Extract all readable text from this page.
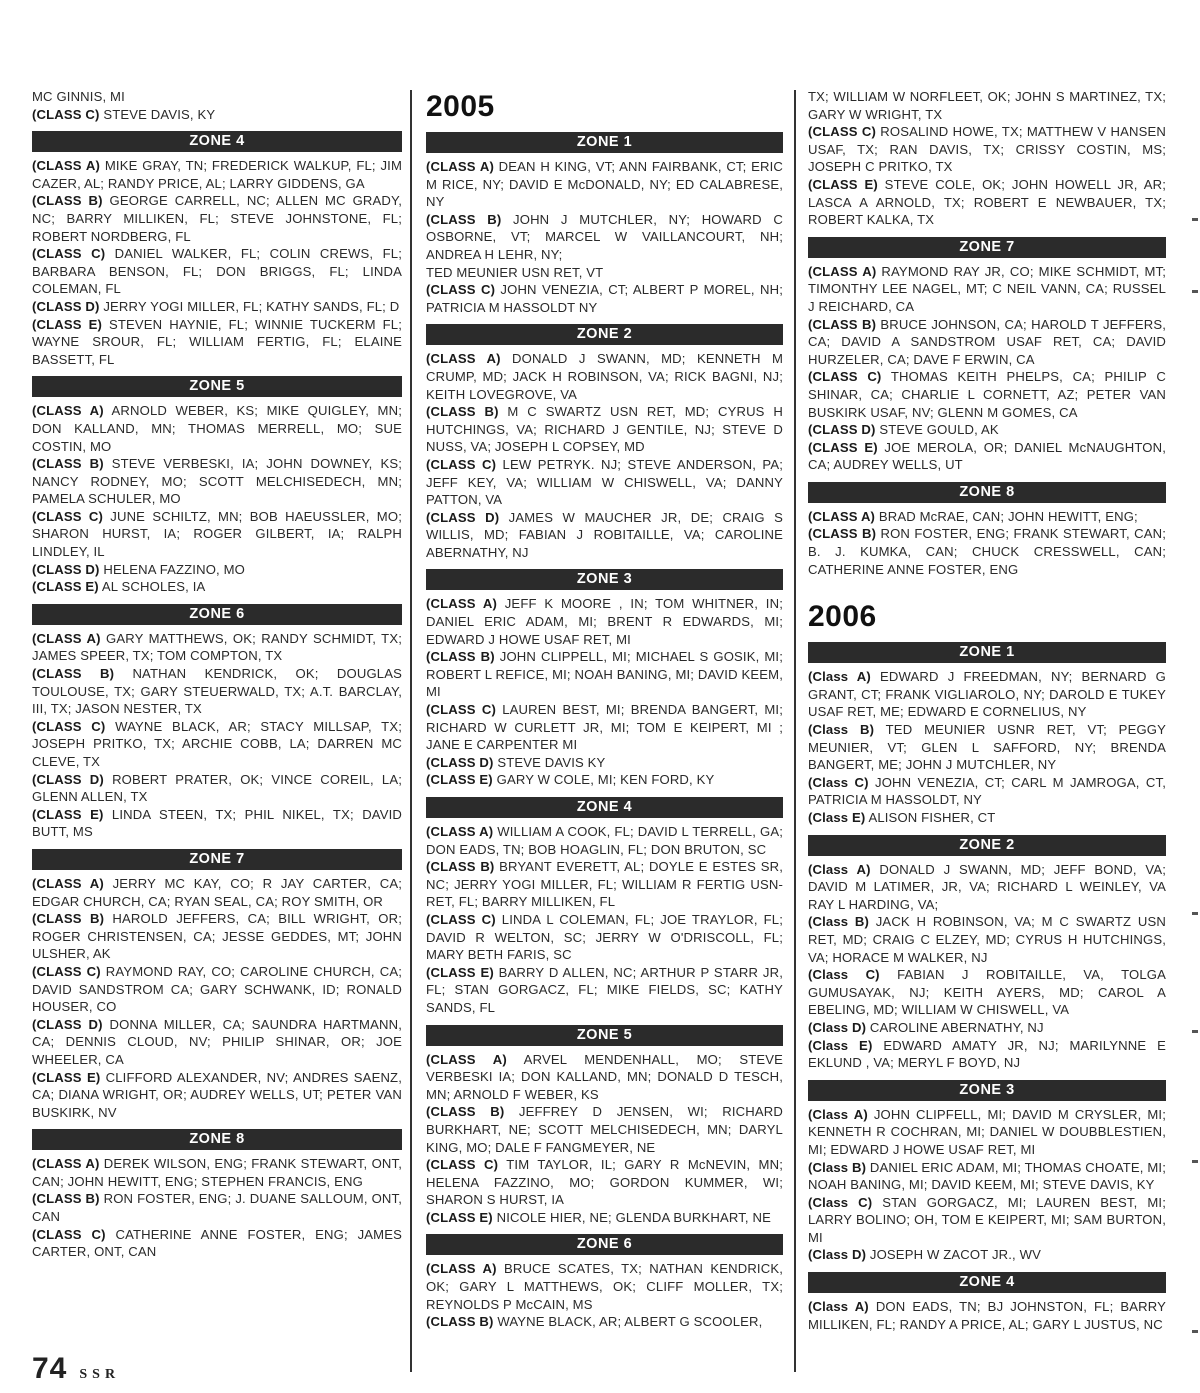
MC GINNIS, MI

(CLASS C) STEVE DAVIS, KY

ZONE 4

(CLASS A) MIKE GRAY, TN; FREDERICK WALKUP, FL; JIM CAZER, AL; RANDY PRICE, AL; LARRY GIDDENS, GA

(CLASS B) GEORGE CARRELL, NC; ALLEN MC GRADY, NC; BARRY MILLIKEN, FL; STEVE JOHNSTONE, FL; ROBERT NORDBERG, FL

(CLASS C) DANIEL WALKER, FL; COLIN CREWS, FL; BARBARA BENSON, FL; DON BRIGGS, FL; LINDA COLEMAN, FL

(CLASS D) JERRY YOGI MILLER, FL; KATHY SANDS, FL; D

(CLASS E) STEVEN HAYNIE, FL; WINNIE TUCKERM FL; WAYNE SROUR, FL; WILLIAM FERTIG, FL; ELAINE BASSETT, FL

ZONE 5

(CLASS A) ARNOLD WEBER, KS; MIKE QUIGLEY, MN; DON KALLAND, MN; THOMAS MERRELL, MO; SUE COSTIN, MO

(CLASS B) STEVE VERBESKI, IA; JOHN DOWNEY, KS; NANCY RODNEY, MO; SCOTT MELCHISEDECH, MN; PAMELA SCHULER, MO

(CLASS C) JUNE SCHILTZ, MN; BOB HAEUSSLER, MO; SHARON HURST, IA; ROGER GILBERT, IA; RALPH LINDLEY, IL

(CLASS D) HELENA FAZZINO, MO

(CLASS E) AL SCHOLES, IA

ZONE 6

(CLASS A) GARY MATTHEWS, OK; RANDY SCHMIDT, TX; JAMES SPEER, TX; TOM COMPTON, TX

(CLASS B) NATHAN KENDRICK, OK; DOUGLAS TOULOUSE, TX; GARY STEUERWALD, TX; A.T. BARCLAY, III, TX; JASON NESTER, TX

(CLASS C) WAYNE BLACK, AR; STACY MILLSAP, TX; JOSEPH PRITKO, TX; ARCHIE COBB, LA; DARREN MC CLEVE, TX

(CLASS D) ROBERT PRATER, OK; VINCE COREIL, LA; GLENN ALLEN, TX

(CLASS E) LINDA STEEN, TX; PHIL NIKEL, TX; DAVID BUTT, MS

ZONE 7

(CLASS A) JERRY MC KAY, CO; R JAY CARTER, CA; EDGAR CHURCH, CA; RYAN SEAL, CA; ROY SMITH, OR

(CLASS B) HAROLD JEFFERS, CA; BILL WRIGHT, OR; ROGER CHRISTENSEN, CA; JESSE GEDDES, MT; JOHN ULSHER, AK

(CLASS C) RAYMOND RAY, CO; CAROLINE CHURCH, CA; DAVID SANDSTROM CA; GARY SCHWANK, ID; RONALD HOUSER, CO

(CLASS D) DONNA MILLER, CA; SAUNDRA HARTMANN, CA; DENNIS CLOUD, NV; PHILIP SHINAR, OR; JOE WHEELER, CA

(CLASS E) CLIFFORD ALEXANDER, NV; ANDRES SAENZ, CA; DIANA WRIGHT, OR; AUDREY WELLS, UT; PETER VAN BUSKIRK, NV

ZONE 8

(CLASS A) DEREK WILSON, ENG; FRANK STEWART, ONT, CAN; JOHN HEWITT, ENG; STEPHEN FRANCIS, ENG

(CLASS B) RON FOSTER, ENG; J. DUANE SALLOUM, ONT, CAN

(CLASS C) CATHERINE ANNE FOSTER, ENG; JAMES CARTER, ONT, CAN

2005
ZONE 1

(CLASS A) DEAN H KING, VT; ANN FAIRBANK, CT; ERIC M RICE, NY; DAVID E McDONALD, NY; ED CALABRESE, NY

(CLASS B) JOHN J MUTCHLER, NY; HOWARD C OSBORNE, VT; MARCEL W VAILLANCOURT, NH; ANDREA H LEHR, NY;

TED MEUNIER USN RET, VT

(CLASS C) JOHN VENEZIA, CT; ALBERT P MOREL, NH; PATRICIA M HASSOLDT NY

ZONE 2

(CLASS A) DONALD J SWANN, MD; KENNETH M CRUMP, MD; JACK H ROBINSON, VA; RICK BAGNI, NJ; KEITH LOVEGROVE, VA

(CLASS B) M C SWARTZ USN RET, MD; CYRUS H HUTCHINGS, VA; RICHARD J GENTILE, NJ; STEVE D NUSS, VA; JOSEPH L COPSEY, MD

(CLASS C) LEW PETRYK. NJ; STEVE ANDERSON, PA; JEFF KEY, VA; WILLIAM W CHISWELL, VA; DANNY PATTON, VA

(CLASS D) JAMES W MAUCHER JR, DE; CRAIG S WILLIS, MD; FABIAN J ROBITAILLE, VA; CAROLINE ABERNATHY, NJ

ZONE 3

(CLASS A) JEFF K MOORE , IN; TOM WHITNER, IN; DANIEL ERIC ADAM, MI; BRENT R EDWARDS, MI; EDWARD J HOWE USAF RET, MI

(CLASS B) JOHN CLIPPELL, MI; MICHAEL S GOSIK, MI; ROBERT L REFICE, MI; NOAH BANING, MI; DAVID KEEM, MI

(CLASS C) LAUREN BEST, MI; BRENDA BANGERT, MI; RICHARD W CURLETT JR, MI; TOM E KEIPERT, MI ; JANE E CARPENTER MI

(CLASS D) STEVE DAVIS KY

(CLASS E) GARY W COLE, MI; KEN FORD, KY

ZONE 4

(CLASS A) WILLIAM A COOK, FL; DAVID L TERRELL, GA; DON EADS, TN; BOB HOAGLIN, FL; DON BRUTON, SC

(CLASS B) BRYANT EVERETT, AL; DOYLE E ESTES SR, NC; JERRY YOGI MILLER, FL; WILLIAM R FERTIG USN-RET, FL; BARRY MILLIKEN, FL

(CLASS C) LINDA L COLEMAN, FL; JOE TRAYLOR, FL; DAVID R WELTON, SC; JERRY W O'DRISCOLL, FL; MARY BETH FARIS, SC

(CLASS E) BARRY D ALLEN, NC; ARTHUR P STARR JR, FL; STAN GORGACZ, FL; MIKE FIELDS, SC; KATHY SANDS, FL

ZONE 5

(CLASS A) ARVEL MENDENHALL, MO; STEVE VERBESKI IA; DON KALLAND, MN; DONALD D TESCH, MN; ARNOLD F WEBER, KS

(CLASS B) JEFFREY D JENSEN, WI; RICHARD BURKHART, NE; SCOTT MELCHISEDECH, MN; DARYL KING, MO; DALE F FANGMEYER, NE

(CLASS C) TIM TAYLOR, IL; GARY R McNEVIN, MN; HELENA FAZZINO, MO; GORDON KUMMER, WI; SHARON S HURST, IA

(CLASS E) NICOLE HIER, NE; GLENDA BURKHART, NE

ZONE 6

(CLASS A) BRUCE SCATES, TX; NATHAN KENDRICK, OK; GARY L MATTHEWS, OK; CLIFF MOLLER, TX; REYNOLDS P McCAIN, MS

(CLASS B) WAYNE BLACK, AR; ALBERT G SCOOLER,

TX; WILLIAM W NORFLEET, OK; JOHN S MARTINEZ, TX; GARY W WRIGHT, TX

(CLASS C) ROSALIND HOWE, TX; MATTHEW V HANSEN USAF, TX; RAN DAVIS, TX; CRISSY COSTIN, MS; JOSEPH C PRITKO, TX

(CLASS E) STEVE COLE, OK; JOHN HOWELL JR, AR; LASCA A ARNOLD, TX; ROBERT E NEWBAUER, TX; ROBERT KALKA, TX

ZONE 7

(CLASS A) RAYMOND RAY JR, CO; MIKE SCHMIDT, MT; TIMONTHY LEE NAGEL, MT; C NEIL VANN, CA; RUSSEL J REICHARD, CA

(CLASS B) BRUCE JOHNSON, CA; HAROLD T JEFFERS, CA; DAVID A SANDSTROM USAF RET, CA; DAVID HURZELER, CA; DAVE F ERWIN, CA

(CLASS C) THOMAS KEITH PHELPS, CA; PHILIP C SHINAR, CA; CHARLIE L CORNETT, AZ; PETER VAN BUSKIRK USAF, NV; GLENN M GOMES, CA

(CLASS D) STEVE GOULD, AK

(CLASS E) JOE MEROLA, OR; DANIEL McNAUGHTON, CA; AUDREY WELLS, UT

ZONE 8

(CLASS A) BRAD McRAE, CAN; JOHN HEWITT, ENG;

(CLASS B) RON FOSTER, ENG; FRANK STEWART, CAN; B. J. KUMKA, CAN; CHUCK CRESSWELL, CAN; CATHERINE ANNE FOSTER, ENG

2006
ZONE 1

(Class A) EDWARD J FREEDMAN, NY; BERNARD G GRANT, CT; FRANK VIGLIAROLO, NY; DAROLD E TUKEY USAF RET, ME; EDWARD E CORNELIUS, NY

(Class B) TED MEUNIER USNR RET, VT; PEGGY MEUNIER, VT; GLEN L SAFFORD, NY; BRENDA BANGERT, ME; JOHN J MUTCHLER, NY

(Class C) JOHN VENEZIA, CT; CARL M JAMROGA, CT, PATRICIA M HASSOLDT, NY

(Class E) ALISON FISHER, CT

ZONE 2

(Class A) DONALD J SWANN, MD; JEFF BOND, VA; DAVID M LATIMER, JR, VA; RICHARD L WEINLEY, VA RAY L HARDING, VA;

(Class B) JACK H ROBINSON, VA; M C SWARTZ USN RET, MD; CRAIG C ELZEY, MD; CYRUS H HUTCHINGS, VA; HORACE M WALKER, NJ

(Class C) FABIAN J ROBITAILLE, VA, TOLGA GUMUSAYAK, NJ; KEITH AYERS, MD; CAROL A EBELING, MD; WILLIAM W CHISWELL, VA

(Class D) CAROLINE ABERNATHY, NJ

(Class E) EDWARD AMATY JR, NJ; MARILYNNE E EKLUND , VA; MERYL F BOYD, NJ

ZONE 3

(Class A) JOHN CLIPFELL, MI; DAVID M CRYSLER, MI; KENNETH R COCHRAN, MI; DANIEL W DOUBBLESTIEN, MI; EDWARD J HOWE USAF RET, MI

(Class B) DANIEL ERIC ADAM, MI; THOMAS CHOATE, MI; NOAH BANING, MI; DAVID KEEM, MI; STEVE DAVIS, KY

(Class C) STAN GORGACZ, MI; LAUREN BEST, MI; LARRY BOLINO; OH, TOM E KEIPERT, MI; SAM BURTON, MI

(Class D) JOSEPH W ZACOT JR., WV

ZONE 4

(Class A) DON EADS, TN; BJ JOHNSTON, FL; BARRY MILLIKEN, FL; RANDY A PRICE, AL; GARY L JUSTUS, NC

74 SSR
